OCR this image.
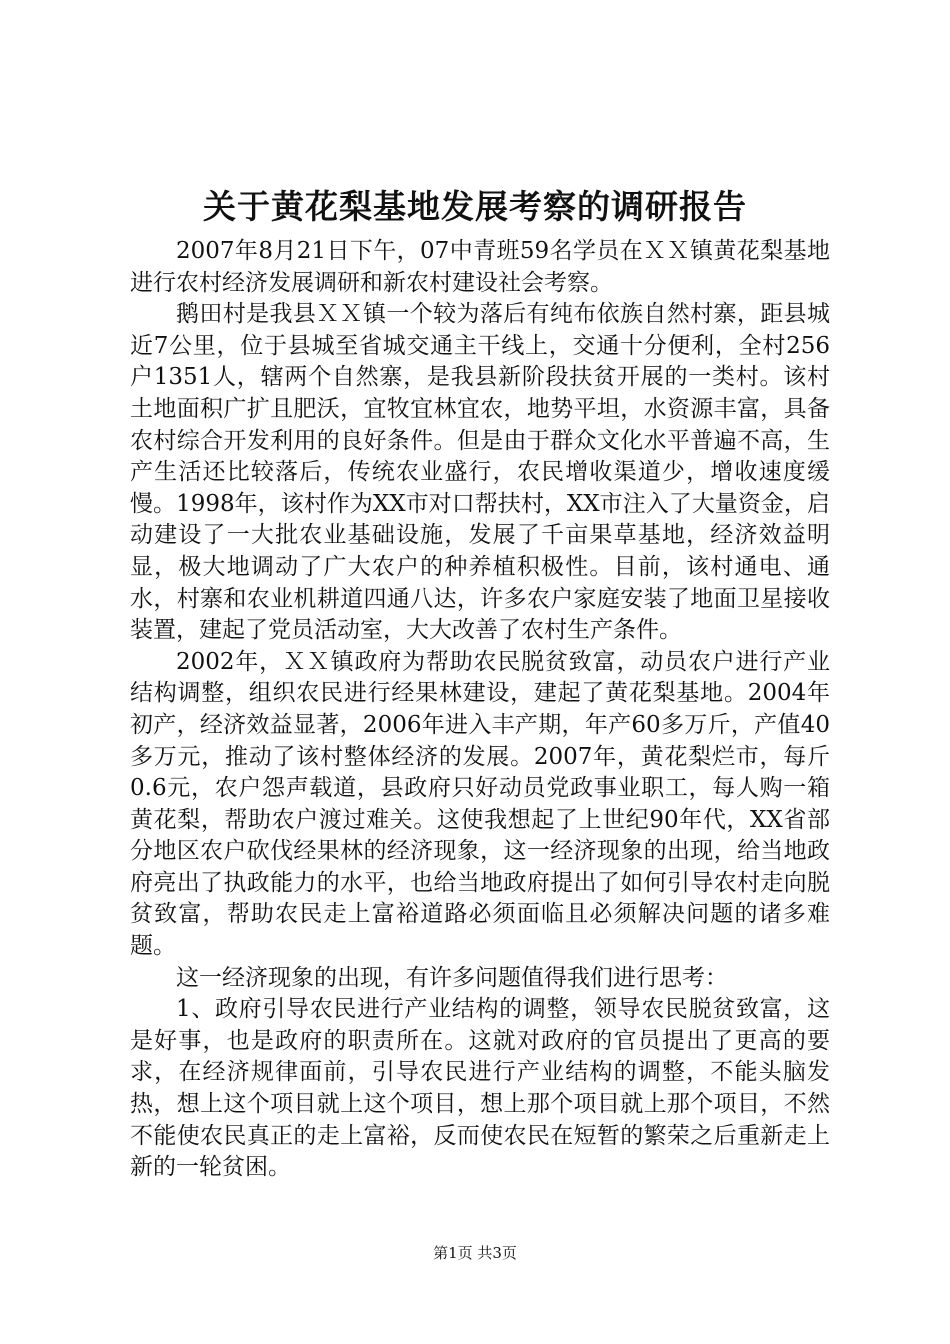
关于黄花梨基地发展考察的调研报告

2007年8月21日下午，07中青班59名学员在ＸＸ镇黄花梨基地进行农村经济发展调研和新农村建设社会考察。

鹅田村是我县ＸＸ镇一个较为落后有纯布依族自然村寨，距县城近7公里，位于县城至省城交通主干线上，交通十分便利，全村256户1351人，辖两个自然寨，是我县新阶段扶贫开展的一类村。该村土地面积广扩且肥沃，宜牧宜林宜农，地势平坦，水资源丰富，具备农村综合开发利用的良好条件。但是由于群众文化水平普遍不高，生产生活还比较落后，传统农业盛行，农民增收渠道少，增收速度缓慢。1998年，该村作为XX市对口帮扶村，XX市注入了大量资金，启动建设了一大批农业基础设施，发展了千亩果草基地，经济效益明显，极大地调动了广大农户的种养植积极性。目前，该村通电、通水，村寨和农业机耕道四通八达，许多农户家庭安装了地面卫星接收装置，建起了党员活动室，大大改善了农村生产条件。

2002年，ＸＸ镇政府为帮助农民脱贫致富，动员农户进行产业结构调整，组织农民进行经果林建设，建起了黄花梨基地。2004年初产，经济效益显著，2006年进入丰产期，年产60多万斤，产值40多万元，推动了该村整体经济的发展。2007年，黄花梨烂市，每斤0.6元，农户怨声载道，县政府只好动员党政事业职工，每人购一箱黄花梨，帮助农户渡过难关。这使我想起了上世纪90年代，XX省部分地区农户砍伐经果林的经济现象，这一经济现象的出现，给当地政府亮出了执政能力的水平，也给当地政府提出了如何引导农村走向脱贫致富，帮助农民走上富裕道路必须面临且必须解决问题的诸多难题。

这一经济现象的出现，有许多问题值得我们进行思考：

1、政府引导农民进行产业结构的调整，领导农民脱贫致富，这是好事，也是政府的职责所在。这就对政府的官员提出了更高的要求，在经济规律面前，引导农民进行产业结构的调整，不能头脑发热，想上这个项目就上这个项目，想上那个项目就上那个项目，不然不能使农民真正的走上富裕，反而使农民在短暂的繁荣之后重新走上新的一轮贫困。

第1页 共3页
